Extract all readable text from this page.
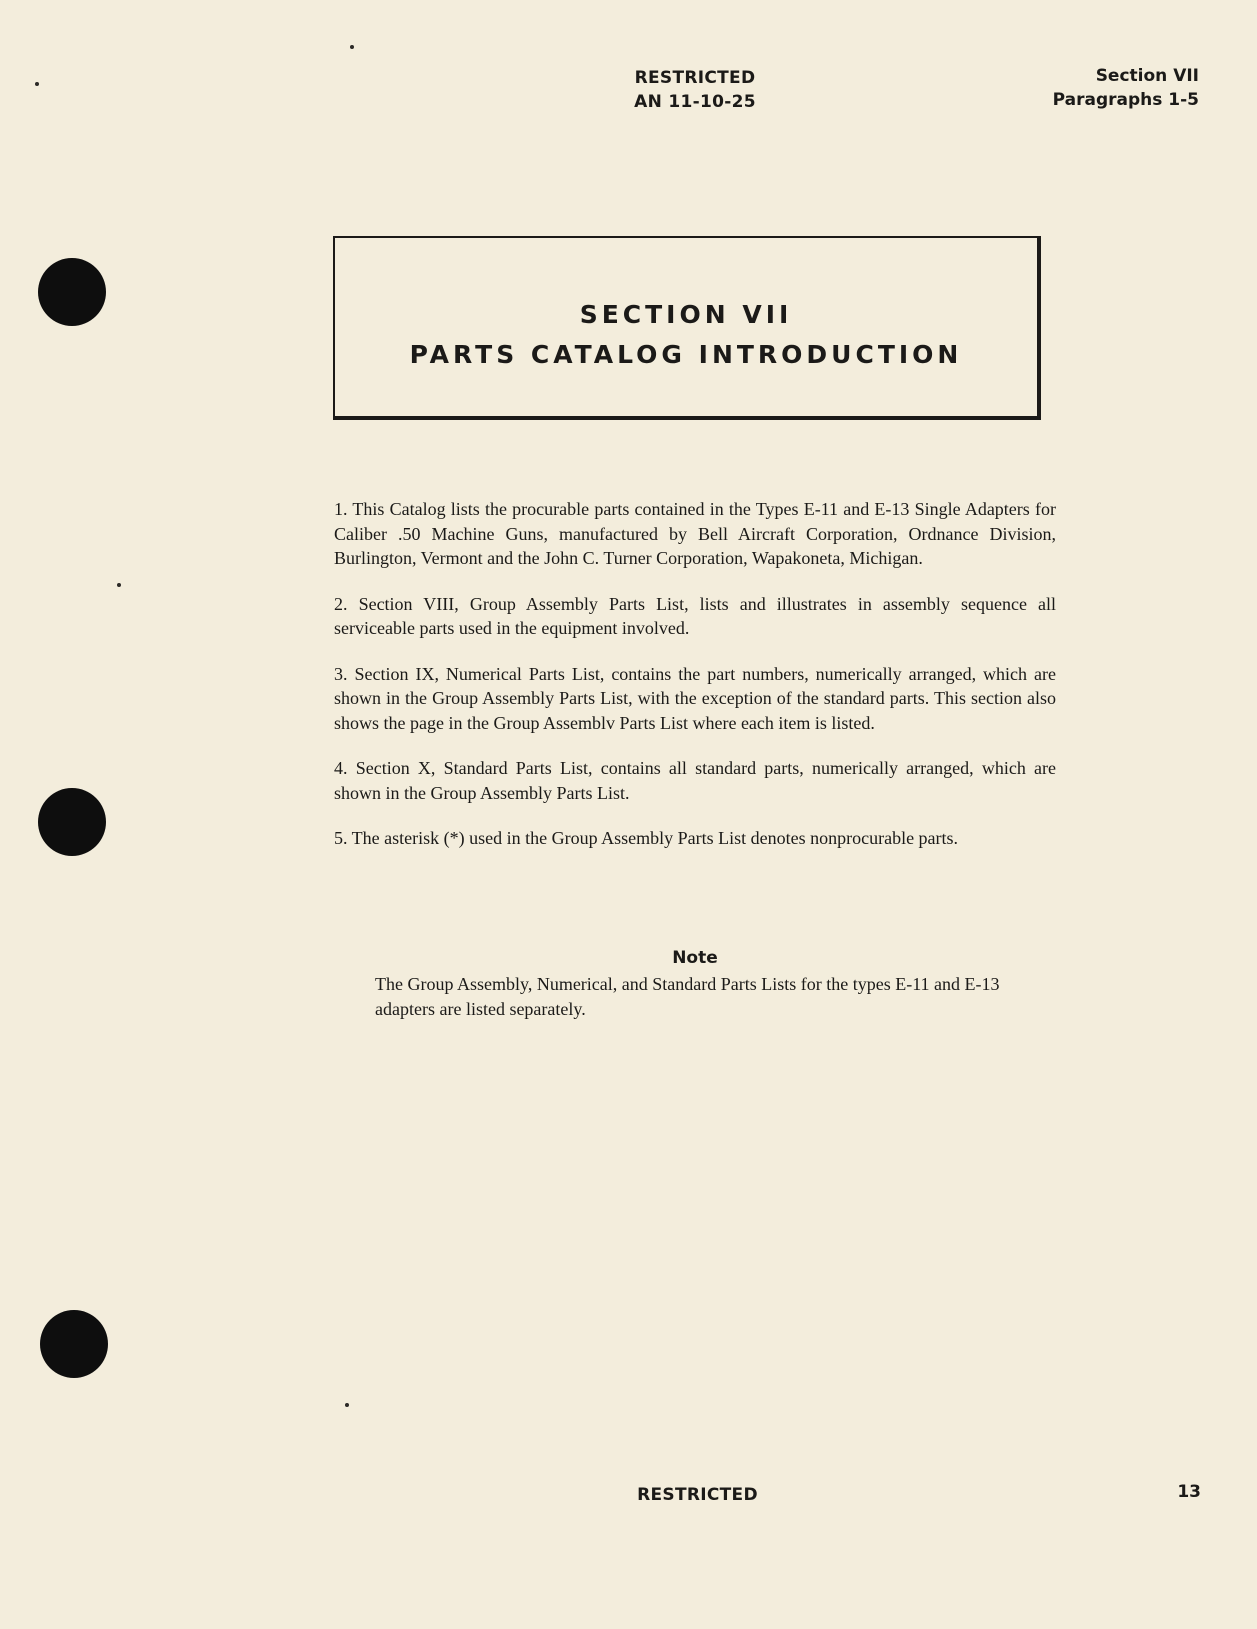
RESTRICTED
AN 11-10-25
Section VII
Paragraphs 1-5
SECTION VII
PARTS CATALOG INTRODUCTION

1. This Catalog lists the procurable parts contained in the Types E-11 and E-13 Single Adapters for Caliber .50 Machine Guns, manufactured by Bell Aircraft Corporation, Ordnance Division, Burlington, Vermont and the John C. Turner Corporation, Wapakoneta, Michigan.

2. Section VIII, Group Assembly Parts List, lists and illustrates in assembly sequence all serviceable parts used in the equipment involved.

3. Section IX, Numerical Parts List, contains the part numbers, numerically arranged, which are shown in the Group Assembly Parts List, with the exception of the standard parts. This section also shows the page in the Group Assemblv Parts List where each item is listed.

4. Section X, Standard Parts List, contains all standard parts, numerically arranged, which are shown in the Group Assembly Parts List.

5. The asterisk (*) used in the Group Assembly Parts List denotes nonprocurable parts.

Note
The Group Assembly, Numerical, and Standard Parts Lists for the types E-11 and E-13 adapters are listed separately.
RESTRICTED	13
